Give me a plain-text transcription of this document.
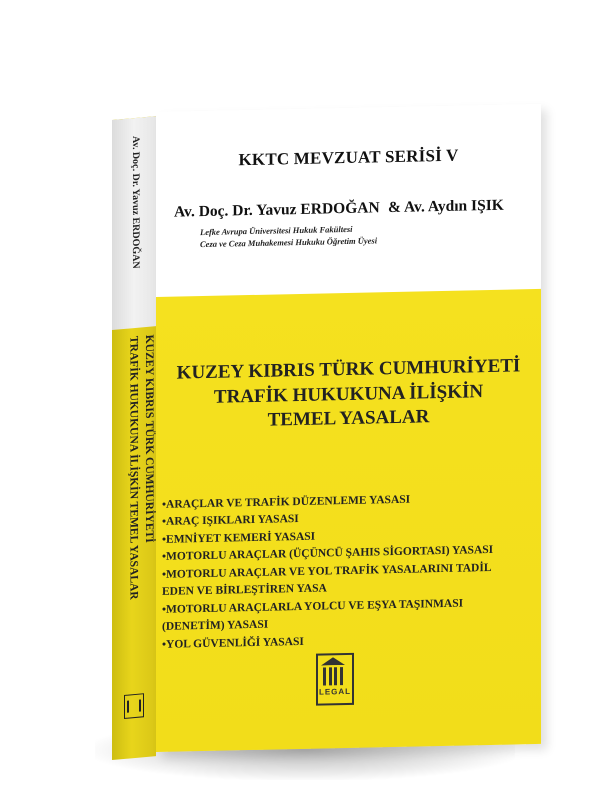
Av. Doç. Dr. Yavuz ERDOĞAN
KUZEY KIBRIS TÜRK CUMHURİYETİ
TRAFİK HUKUKUNA İLİŞKİN TEMEL YASALAR
KKTC MEVZUAT SERİSİ V
Av. Doç. Dr. Yavuz ERDOĞAN & Av. Aydın IŞIK
Lefke Avrupa Üniversitesi Hukuk Fakültesi
Ceza ve Ceza Muhakemesi Hukuku Öğretim Üyesi
KUZEY KIBRIS TÜRK CUMHURİYETİ
TRAFİK HUKUKUNA İLİŞKİN
TEMEL YASALAR
•ARAÇLAR VE TRAFİK DÜZENLEME YASASI
•ARAÇ IŞIKLARI YASASI
•EMNİYET KEMERİ YASASI
•MOTORLU ARAÇLAR (ÜÇÜNCÜ ŞAHIS SİGORTASI) YASASI
•MOTORLU ARAÇLAR VE YOL TRAFİK YASALARINI TADİL
EDEN VE BİRLEŞTİREN YASA
•MOTORLU ARAÇLARLA YOLCU VE EŞYA TAŞINMASI
(DENETİM) YASASI
•YOL GÜVENLİĞİ YASASI
LEGAL
